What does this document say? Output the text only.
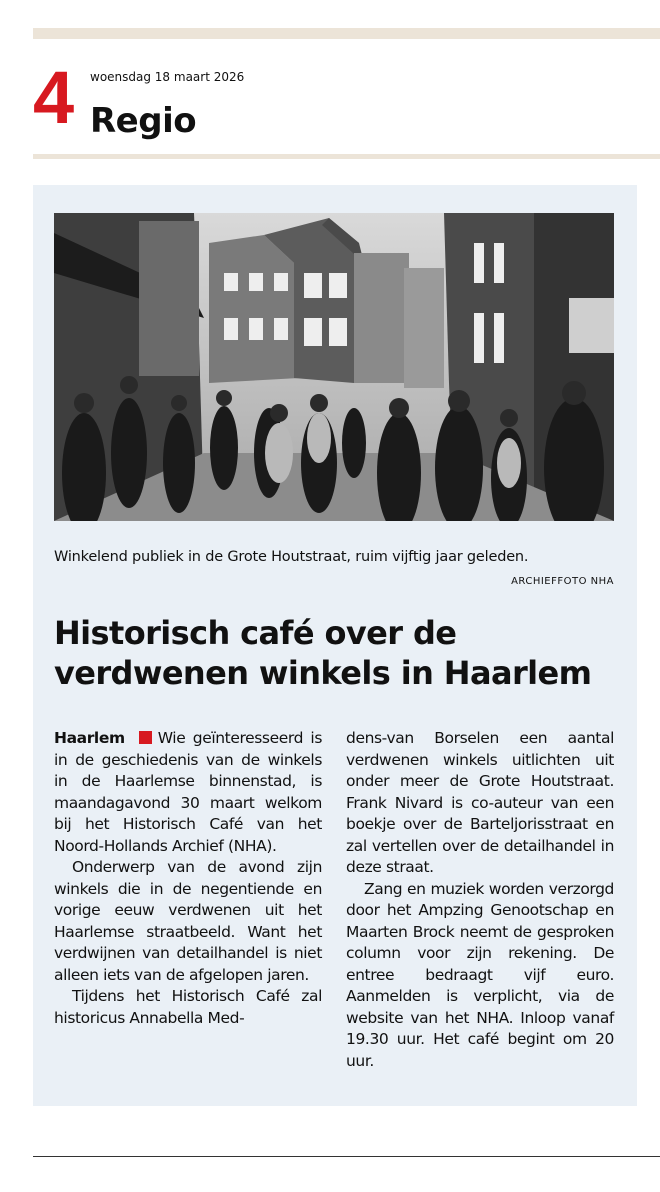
4 woensdag 18 maart 2026
Regio
Winkelend publiek in de Grote Houtstraat, ruim vijftig jaar geleden.
ARCHIEFFOTO NHA
Historisch café over de verdwenen winkels in Haarlem

Haarlem Wie geïnteresseerd is in de geschiedenis van de winkels in de Haarlemse binnenstad, is maandagavond 30 maart welkom bij het Historisch Café van het Noord-Hollands Archief (NHA).

Onderwerp van de avond zijn winkels die in de negentiende en vorige eeuw verdwenen uit het Haarlemse straatbeeld. Want het verdwijnen van detailhandel is niet alleen iets van de afgelopen jaren.

Tijdens het Historisch Café zal historicus Annabella Med-

dens-van Borselen een aantal verdwenen winkels uitlichten uit onder meer de Grote Houtstraat. Frank Nivard is co-auteur van een boekje over de Barteljorisstraat en zal vertellen over de detailhandel in deze straat.

Zang en muziek worden verzorgd door het Ampzing Genootschap en Maarten Brock neemt de gesproken column voor zijn rekening. De entree bedraagt vijf euro. Aanmelden is verplicht, via de website van het NHA. Inloop vanaf 19.30 uur. Het café begint om 20 uur.
